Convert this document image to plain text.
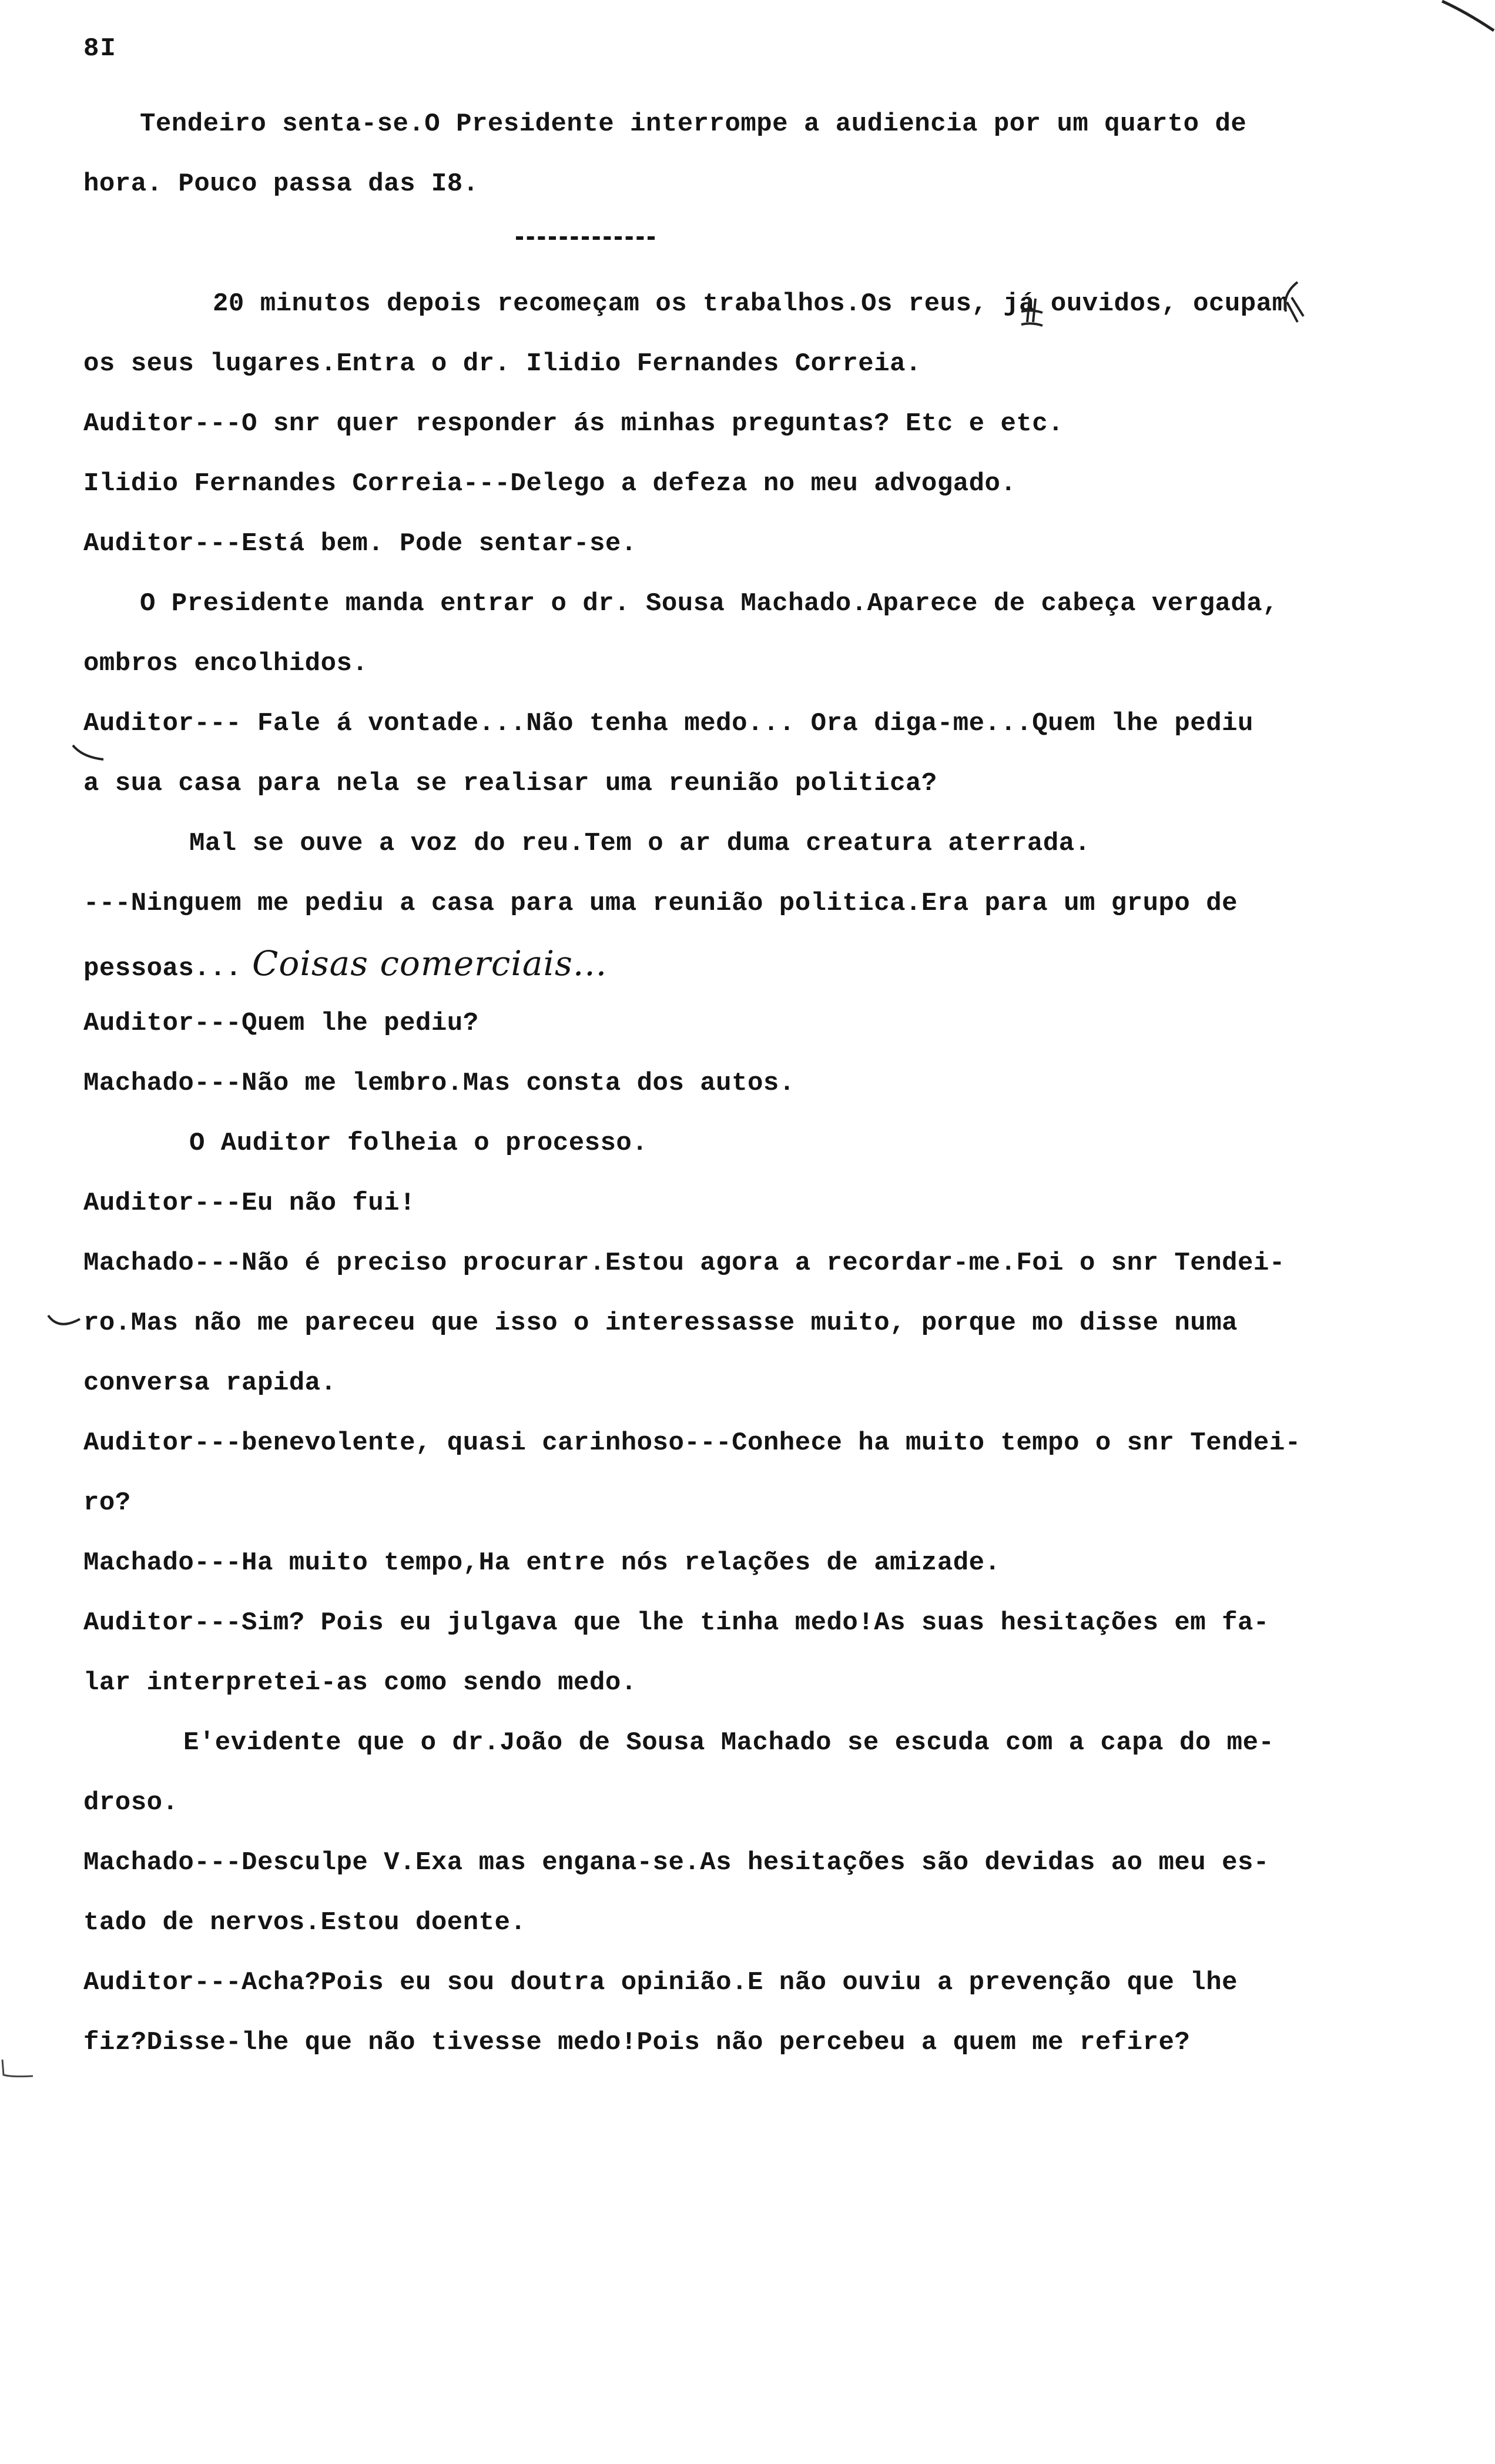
8I
Tendeiro senta-se.O Presidente interrompe a audiencia por um quarto de
hora. Pouco passa das I8.
20 minutos depois recomeçam os trabalhos.Os reus, já ouvidos, ocupam
os seus lugares.Entra o dr. Ilidio Fernandes Correia.
Auditor---O snr quer responder ás minhas preguntas? Etc e etc.
Ilidio Fernandes Correia---Delego a defeza no meu advogado.
Auditor---Está bem. Pode sentar-se.
O Presidente manda entrar o dr. Sousa Machado.Aparece de cabeça vergada,
ombros encolhidos.
Auditor--- Fale á vontade...Não tenha medo... Ora diga-me...Quem lhe pediu
a sua casa para nela se realisar uma reunião politica?
Mal se ouve a voz do reu.Tem o ar duma creatura aterrada.
---Ninguem me pediu a casa para uma reunião politica.Era para um grupo de
pessoas... Coisas comerciais...
Auditor---Quem lhe pediu?
Machado---Não me lembro.Mas consta dos autos.
O Auditor folheia o processo.
Auditor---Eu não fui!
Machado---Não é preciso procurar.Estou agora a recordar-me.Foi o snr Tendei-
ro.Mas não me pareceu que isso o interessasse muito, porque mo disse numa
conversa rapida.
Auditor---benevolente, quasi carinhoso---Conhece ha muito tempo o snr Tendei-
ro?
Machado---Ha muito tempo,Ha entre nós relações de amizade.
Auditor---Sim? Pois eu julgava que lhe tinha medo!As suas hesitações em fa-
lar interpretei-as como sendo medo.
E'evidente que o dr.João de Sousa Machado se escuda com a capa do me-
droso.
Machado---Desculpe V.Exa mas engana-se.As hesitações são devidas ao meu es-
tado de nervos.Estou doente.
Auditor---Acha?Pois eu sou doutra opinião.E não ouviu a prevenção que lhe
fiz?Disse-lhe que não tivesse medo!Pois não percebeu a quem me refire?
